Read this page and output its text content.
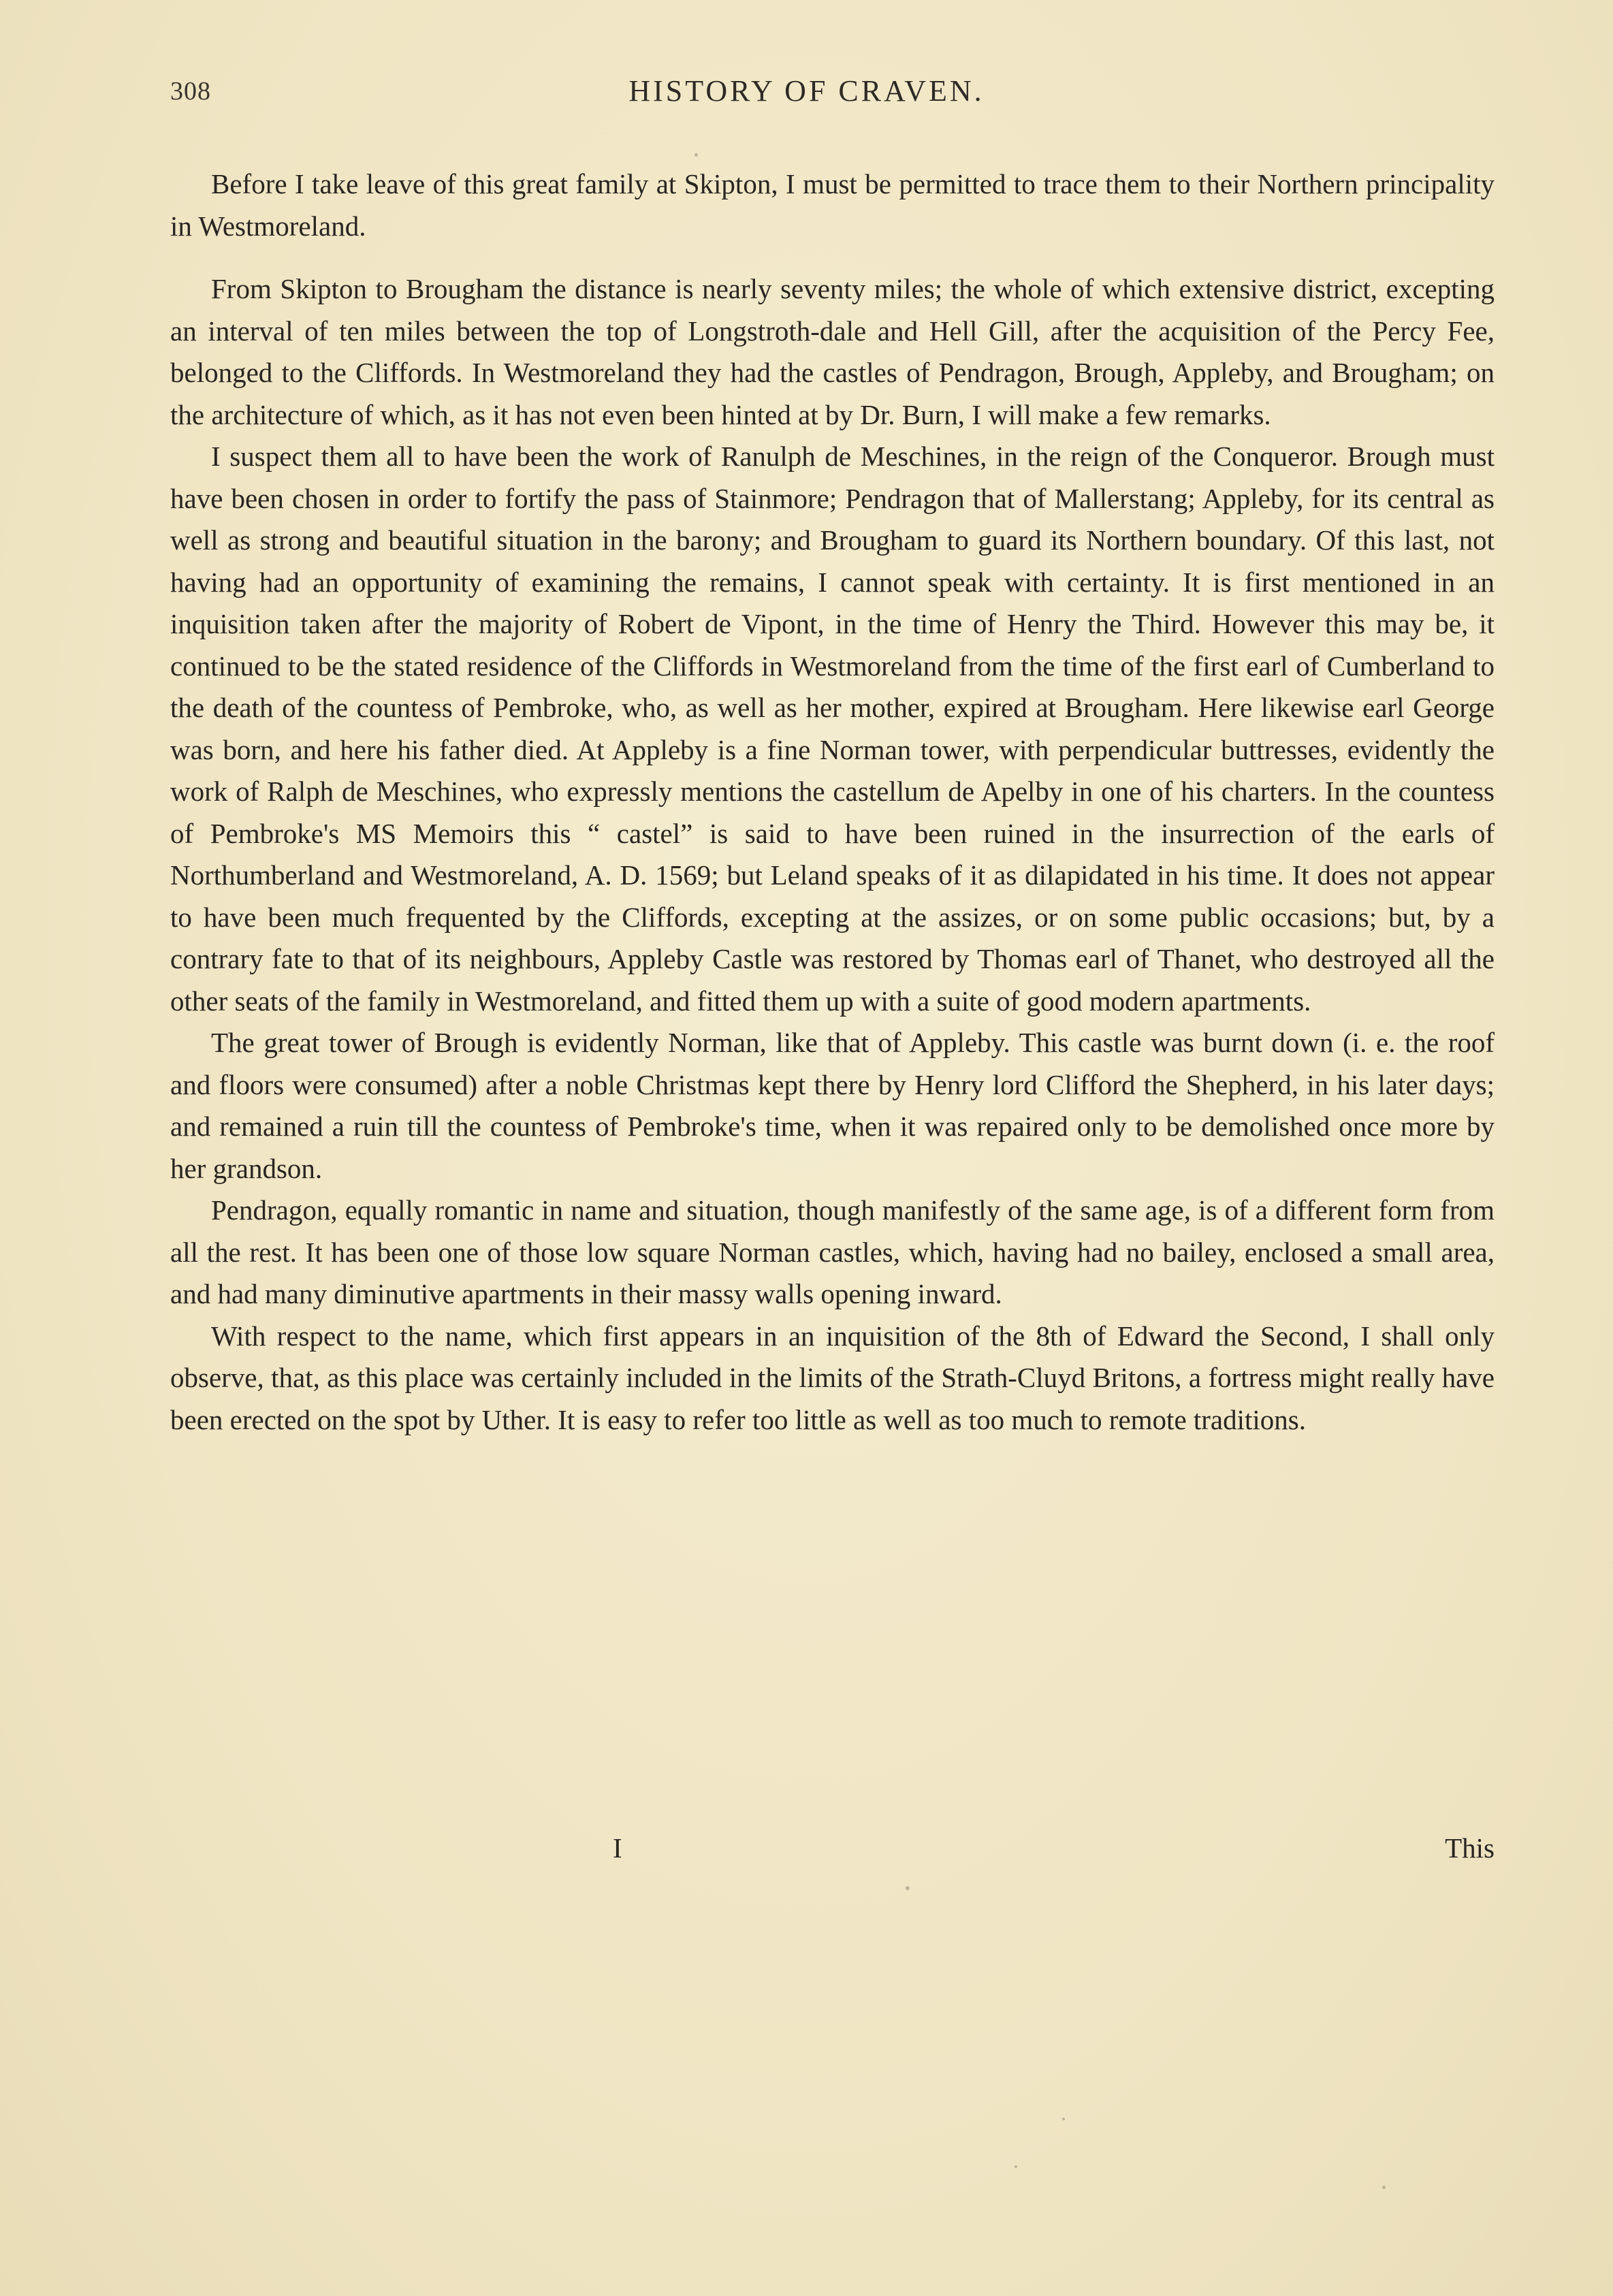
308	HISTORY OF CRAVEN.

Before I take leave of this great family at Skipton, I must be permitted to trace them to their Northern principality in Westmoreland.

From Skipton to Brougham the distance is nearly seventy miles; the whole of which extensive district, excepting an interval of ten miles between the top of Longstroth-dale and Hell Gill, after the acquisition of the Percy Fee, belonged to the Cliffords. In Westmoreland they had the castles of Pendragon, Brough, Appleby, and Brougham; on the architecture of which, as it has not even been hinted at by Dr. Burn, I will make a few remarks.

I suspect them all to have been the work of Ranulph de Meschines, in the reign of the Conqueror. Brough must have been chosen in order to fortify the pass of Stainmore; Pendragon that of Mallerstang; Appleby, for its central as well as strong and beautiful situation in the barony; and Brougham to guard its Northern boundary. Of this last, not having had an opportunity of examining the remains, I cannot speak with certainty. It is first mentioned in an inquisition taken after the majority of Robert de Vipont, in the time of Henry the Third. However this may be, it continued to be the stated residence of the Cliffords in Westmoreland from the time of the first earl of Cumberland to the death of the countess of Pembroke, who, as well as her mother, expired at Brougham. Here likewise earl George was born, and here his father died. At Appleby is a fine Norman tower, with perpendicular buttresses, evidently the work of Ralph de Meschines, who expressly mentions the castellum de Apelby in one of his charters. In the countess of Pembroke's MS Memoirs this “ castel” is said to have been ruined in the insurrection of the earls of Northumberland and Westmoreland, A. D. 1569; but Leland speaks of it as dilapidated in his time. It does not appear to have been much frequented by the Cliffords, excepting at the assizes, or on some public occasions; but, by a contrary fate to that of its neighbours, Appleby Castle was restored by Thomas earl of Thanet, who destroyed all the other seats of the family in Westmoreland, and fitted them up with a suite of good modern apartments.

The great tower of Brough is evidently Norman, like that of Appleby. This castle was burnt down (i. e. the roof and floors were consumed) after a noble Christmas kept there by Henry lord Clifford the Shepherd, in his later days; and remained a ruin till the countess of Pembroke's time, when it was repaired only to be demolished once more by her grandson.

Pendragon, equally romantic in name and situation, though manifestly of the same age, is of a different form from all the rest. It has been one of those low square Norman castles, which, having had no bailey, enclosed a small area, and had many diminutive apartments in their massy walls opening inward.

With respect to the name, which first appears in an inquisition of the 8th of Edward the Second, I shall only observe, that, as this place was certainly included in the limits of the Strath-Cluyd Britons, a fortress might really have been erected on the spot by Uther. It is easy to refer too little as well as too much to remote traditions.

I	This
